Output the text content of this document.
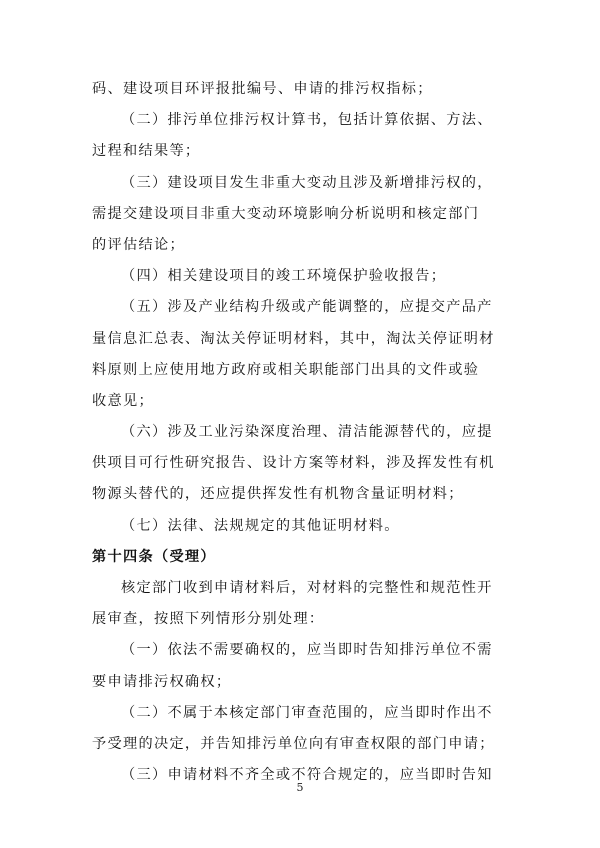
码、建设项目环评报批编号、申请的排污权指标；
（二）排污单位排污权计算书，包括计算依据、方法、
过程和结果等；
（三）建设项目发生非重大变动且涉及新增排污权的，
需提交建设项目非重大变动环境影响分析说明和核定部门
的评估结论；
（四）相关建设项目的竣工环境保护验收报告；
（五）涉及产业结构升级或产能调整的，应提交产品产
量信息汇总表、淘汰关停证明材料，其中，淘汰关停证明材
料原则上应使用地方政府或相关职能部门出具的文件或验
收意见；
（六）涉及工业污染深度治理、清洁能源替代的，应提
供项目可行性研究报告、设计方案等材料，涉及挥发性有机
物源头替代的，还应提供挥发性有机物含量证明材料；
（七）法律、法规规定的其他证明材料。
第十四条（受理）
核定部门收到申请材料后，对材料的完整性和规范性开
展审查，按照下列情形分别处理：
（一）依法不需要确权的，应当即时告知排污单位不需
要申请排污权确权；
（二）不属于本核定部门审查范围的，应当即时作出不
予受理的决定，并告知排污单位向有审查权限的部门申请；
（三）申请材料不齐全或不符合规定的，应当即时告知
5
